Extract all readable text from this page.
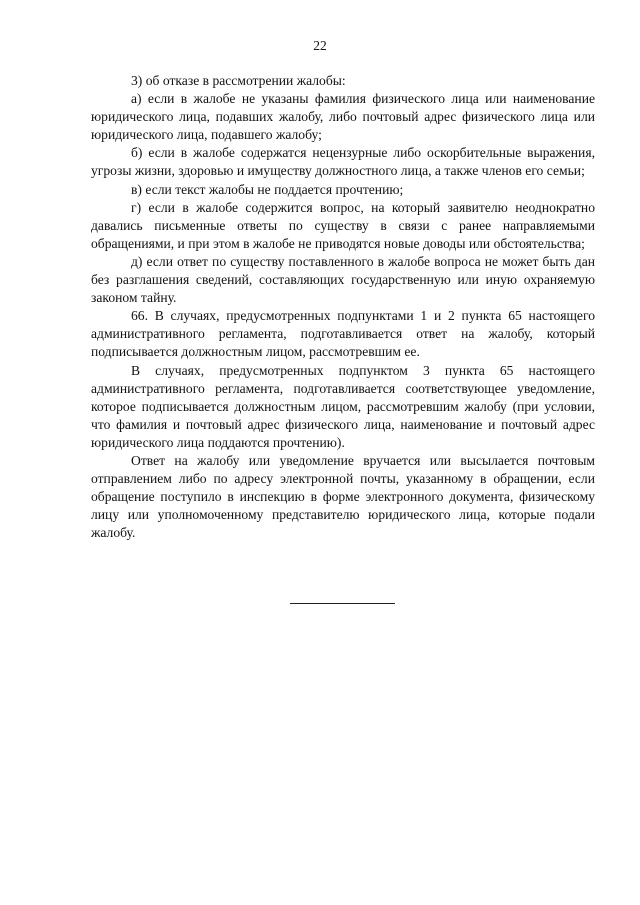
22

3) об отказе в рассмотрении жалобы:

а) если в жалобе не указаны фамилия физического лица или наименование юридического лица, подавших жалобу, либо почтовый адрес физического лица или юридического лица, подавшего жалобу;

б) если в жалобе содержатся нецензурные либо оскорбительные выражения, угрозы жизни, здоровью и имуществу должностного лица, а также членов его семьи;

в) если текст жалобы не поддается прочтению;

г) если в жалобе содержится вопрос, на который заявителю неоднократно давались письменные ответы по существу в связи с ранее направляемыми обращениями, и при этом в жалобе не приводятся новые доводы или обстоятельства;

д) если ответ по существу поставленного в жалобе вопроса не может быть дан без разглашения сведений, составляющих государственную или иную охраняемую законом тайну.

66. В случаях, предусмотренных подпунктами 1 и 2 пункта 65 настоящего административного регламента, подготавливается ответ на жалобу, который подписывается должностным лицом, рассмотревшим ее.

В случаях, предусмотренных подпунктом 3 пункта 65 настоящего административного регламента, подготавливается соответствующее уведомление, которое подписывается должностным лицом, рассмотревшим жалобу (при условии, что фамилия и почтовый адрес физического лица, наименование и почтовый адрес юридического лица поддаются прочтению).

Ответ на жалобу или уведомление вручается или высылается почтовым отправлением либо по адресу электронной почты, указанному в обращении, если обращение поступило в инспекцию в форме электронного документа, физическому лицу или уполномоченному представителю юридического лица, которые подали жалобу.
